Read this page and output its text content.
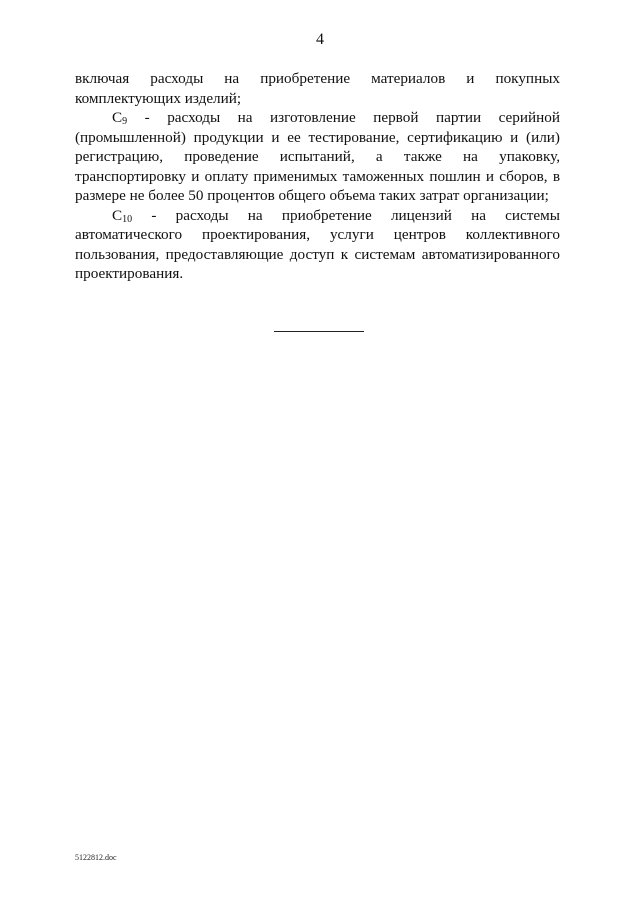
4

включая расходы на приобретение материалов и покупных комплектующих изделий;

$C_9$ - расходы на изготовление первой партии серийной (промышленной) продукции и ее тестирование, сертификацию и (или) регистрацию, проведение испытаний, а также на упаковку, транспортировку и оплату применимых таможенных пошлин и сборов, в размере не более 50 процентов общего объема таких затрат организации;

$C_{10}$ - расходы на приобретение лицензий на системы автоматического проектирования, услуги центров коллективного пользования, предоставляющие доступ к системам автоматизированного проектирования.

5122812.doc
